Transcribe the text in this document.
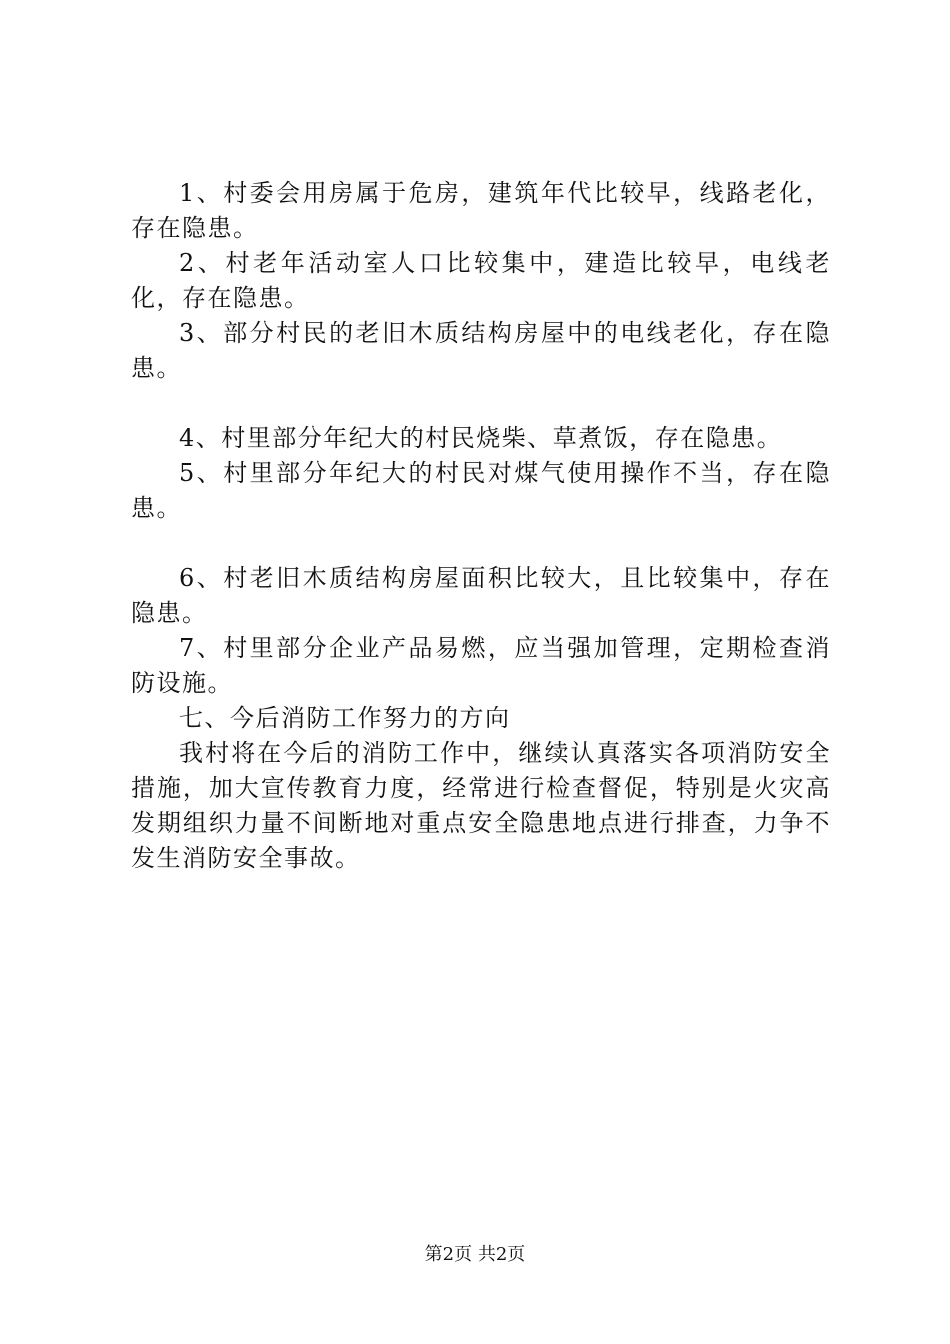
1、村委会用房属于危房，建筑年代比较早，线路老化，存在隐患。

2、村老年活动室人口比较集中，建造比较早，电线老化，存在隐患。

3、部分村民的老旧木质结构房屋中的电线老化，存在隐患。

4、村里部分年纪大的村民烧柴、草煮饭，存在隐患。

5、村里部分年纪大的村民对煤气使用操作不当，存在隐患。

6、村老旧木质结构房屋面积比较大，且比较集中，存在隐患。

7、村里部分企业产品易燃，应当强加管理，定期检查消防设施。

七、今后消防工作努力的方向

我村将在今后的消防工作中，继续认真落实各项消防安全措施，加大宣传教育力度，经常进行检查督促，特别是火灾高发期组织力量不间断地对重点安全隐患地点进行排查，力争不发生消防安全事故。

第2页 共2页
